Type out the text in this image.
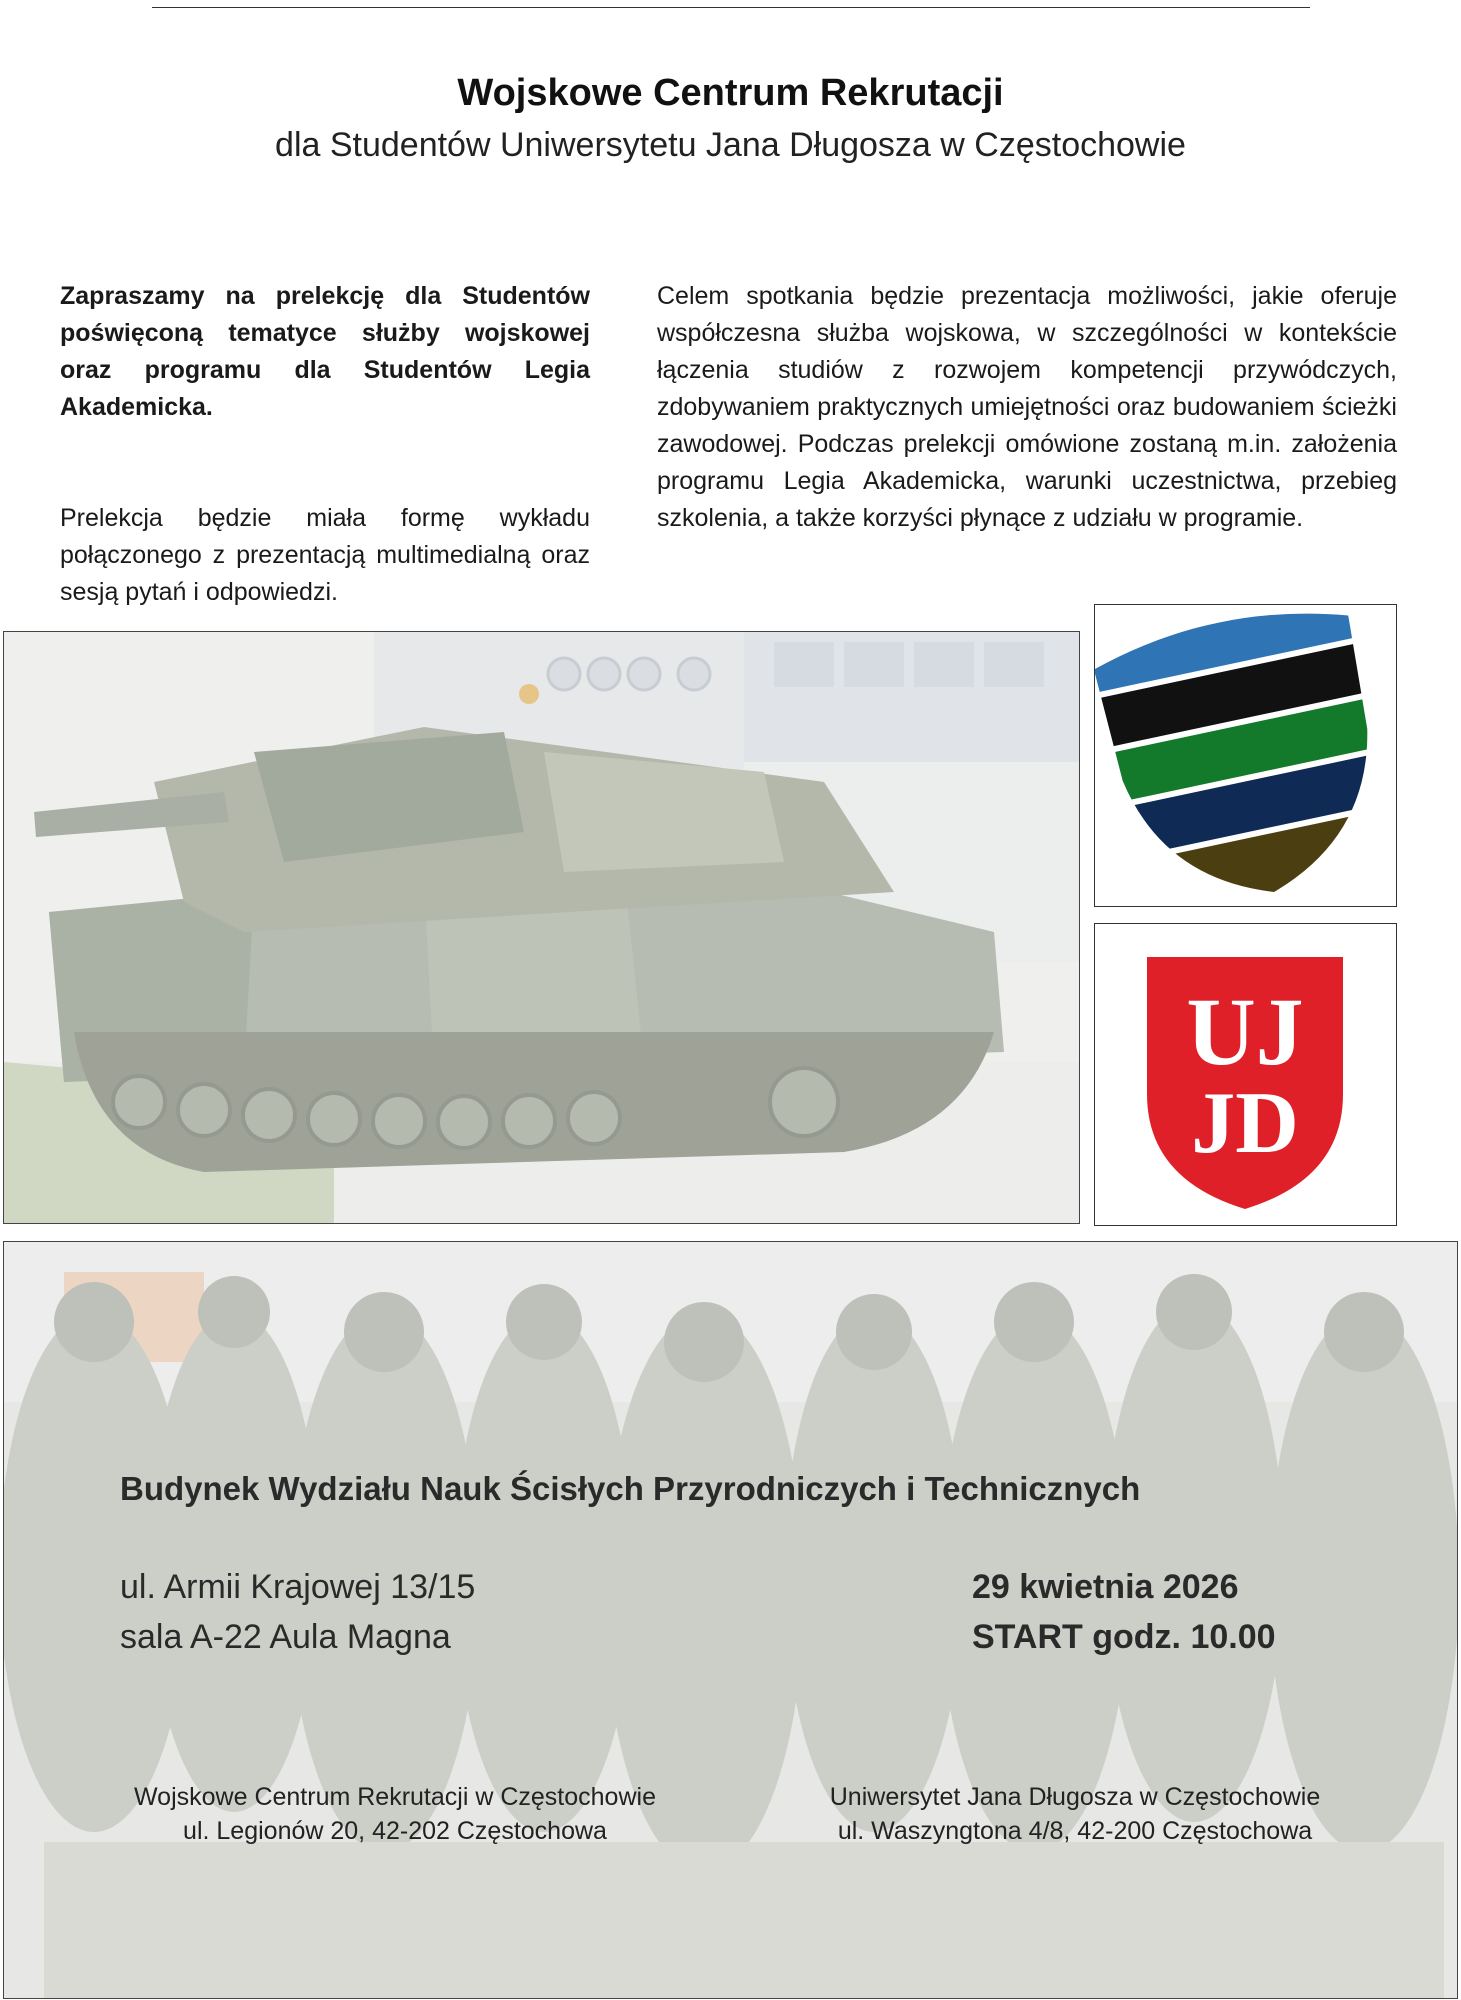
Wojskowe Centrum Rekrutacji
dla Studentów Uniwersytetu Jana Długosza w Częstochowie

Zapraszamy na prelekcję dla Studentów poświęconą tematyce służby wojskowej oraz programu dla Studentów Legia Akademicka.

Prelekcja będzie miała formę wykładu połączonego z prezentacją multimedialną oraz sesją pytań i odpowiedzi.

Celem spotkania będzie prezentacja możliwości, jakie oferuje współczesna służba wojskowa, w szczególności w kontekście łączenia studiów z rozwojem kompetencji przywódczych, zdobywaniem praktycznych umiejętności oraz budowaniem ścieżki zawodowej. Podczas prelekcji omówione zostaną m.in. założenia programu Legia Akademicka, warunki uczestnictwa, przebieg szkolenia, a także korzyści płynące z udziału w programie.

UJ
JD
Budynek Wydziału Nauk Ścisłych Przyrodniczych i Technicznych
ul. Armii Krajowej 13/15
sala A-22 Aula Magna
29 kwietnia 2026
START godz. 10.00
Wojskowe Centrum Rekrutacji w Częstochowie
ul. Legionów 20, 42-202 Częstochowa
Uniwersytet Jana Długosza w Częstochowie
ul. Waszyngtona 4/8, 42-200 Częstochowa
